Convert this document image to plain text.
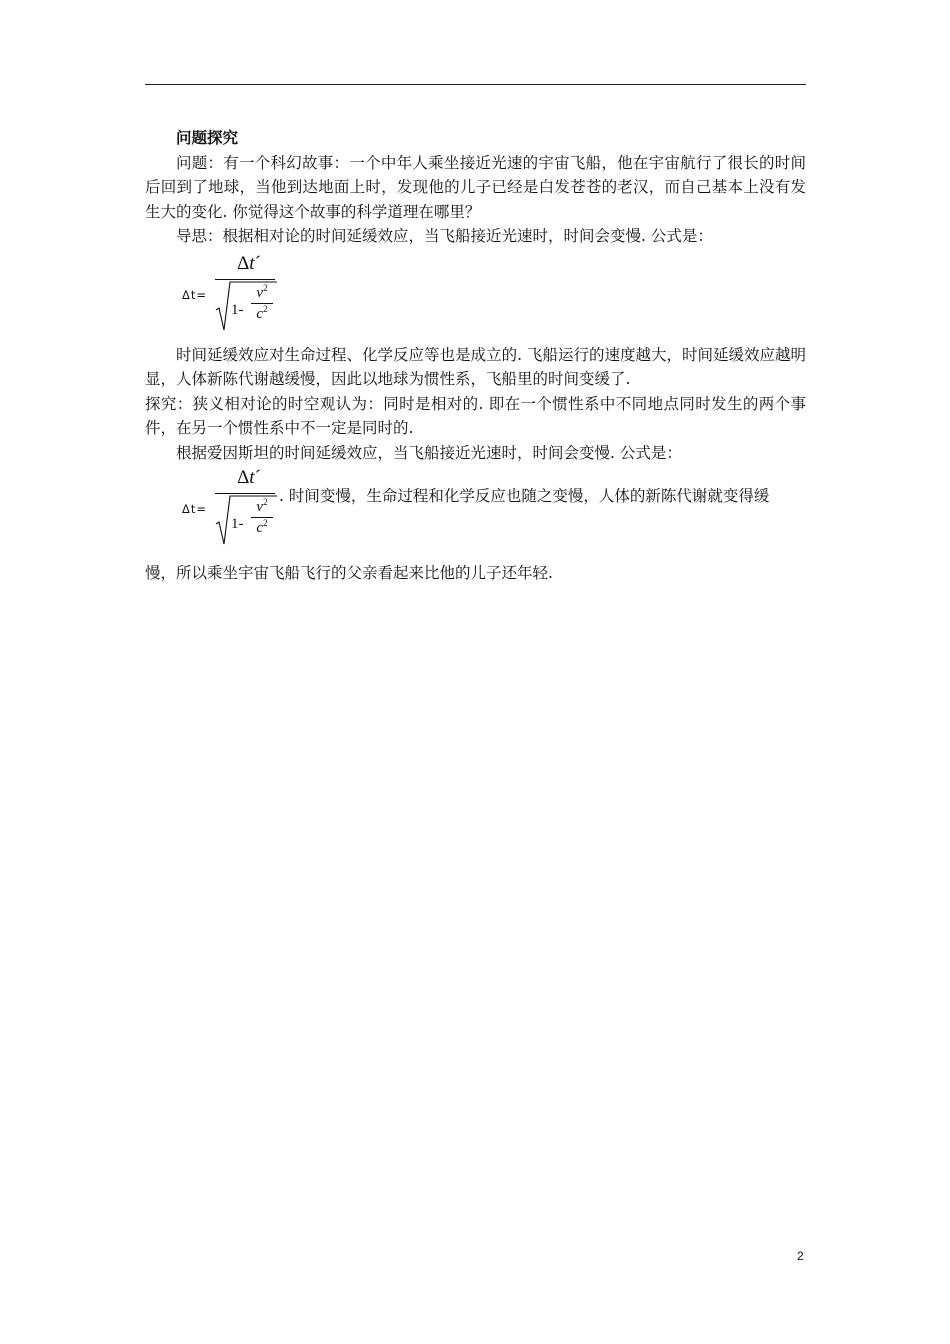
问题探究

问题：有一个科幻故事：一个中年人乘坐接近光速的宇宙飞船，他在宇宙航行了很长的时间后回到了地球，当他到达地面上时，发现他的儿子已经是白发苍苍的老汉，而自己基本上没有发生大的变化. 你觉得这个故事的科学道理在哪里？

导思：根据相对论的时间延缓效应，当飞船接近光速时，时间会变慢. 公式是：

Δt=
Δt´
1-
$v^2$
$c^2$

时间延缓效应对生命过程、化学反应等也是成立的. 飞船运行的速度越大，时间延缓效应越明显，人体新陈代谢越缓慢，因此以地球为惯性系，飞船里的时间变缓了.

探究：狭义相对论的时空观认为：同时是相对的. 即在一个惯性系中不同地点同时发生的两个事件，在另一个惯性系中不一定是同时的.

根据爱因斯坦的时间延缓效应，当飞船接近光速时，时间会变慢. 公式是：

Δt=
Δt´
1-
$v^2$
$c^2$
. 时间变慢，生命过程和化学反应也随之变慢，人体的新陈代谢就变得缓

慢，所以乘坐宇宙飞船飞行的父亲看起来比他的儿子还年轻.

2
